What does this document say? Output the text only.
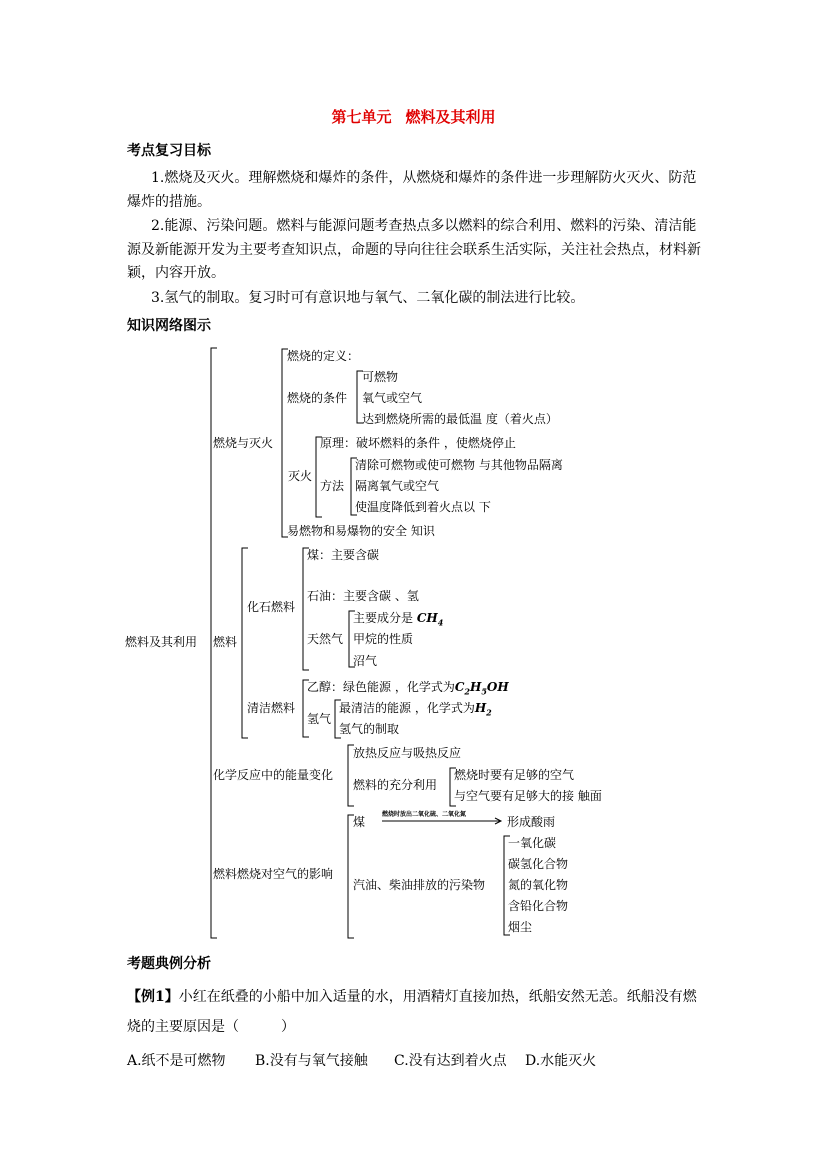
第七单元 燃料及其利用
考点复习目标
1.燃烧及灭火。理解燃烧和爆炸的条件，从燃烧和爆炸的条件进一步理解防火灭火、防范爆炸的措施。
2.能源、污染问题。燃料与能源问题考查热点多以燃料的综合利用、燃料的污染、清洁能源及新能源开发为主要考查知识点，命题的导向往往会联系生活实际，关注社会热点，材料新颖，内容开放。
3.氢气的制取。复习时可有意识地与氧气、二氧化碳的制法进行比较。
知识网络图示
燃料及其利用
燃烧与灭火
燃烧的定义：
燃烧的条件
可燃物
氧气或空气
达到燃烧所需的最低温 度（着火点）
灭火
原理：破坏燃料的条件 ，使燃烧停止
方法
清除可燃物或使可燃物 与其他物品隔离
隔离氧气或空气
使温度降低到着火点以 下
易燃物和易爆物的安全 知识
燃料
化石燃料
煤：主要含碳
石油：主要含碳 、氢
天然气
主要成分是 $CH_4$
甲烷的性质
沼气
清洁燃料
乙醇：绿色能源 ，化学式为$C_2H_5OH$
氢气
最清洁的能源 ，化学式为$H_2$
氢气的制取
化学反应中的能量变化
放热反应与吸热反应
燃料的充分利用
燃烧时要有足够的空气
与空气要有足够大的接 触面
燃料燃烧对空气的影响
煤
燃烧时放出二氧化硫、二氧化氮
形成酸雨
汽油、柴油排放的污染物
一氧化碳
碳氢化合物
氮的氧化物
含铅化合物
烟尘
考题典例分析
【例1】小红在纸叠的小船中加入适量的水，用酒精灯直接加热，纸船安然无恙。纸船没有燃烧的主要原因是（　　　）
A.纸不是可燃物 B.没有与氧气接触 C.没有达到着火点 D.水能灭火
